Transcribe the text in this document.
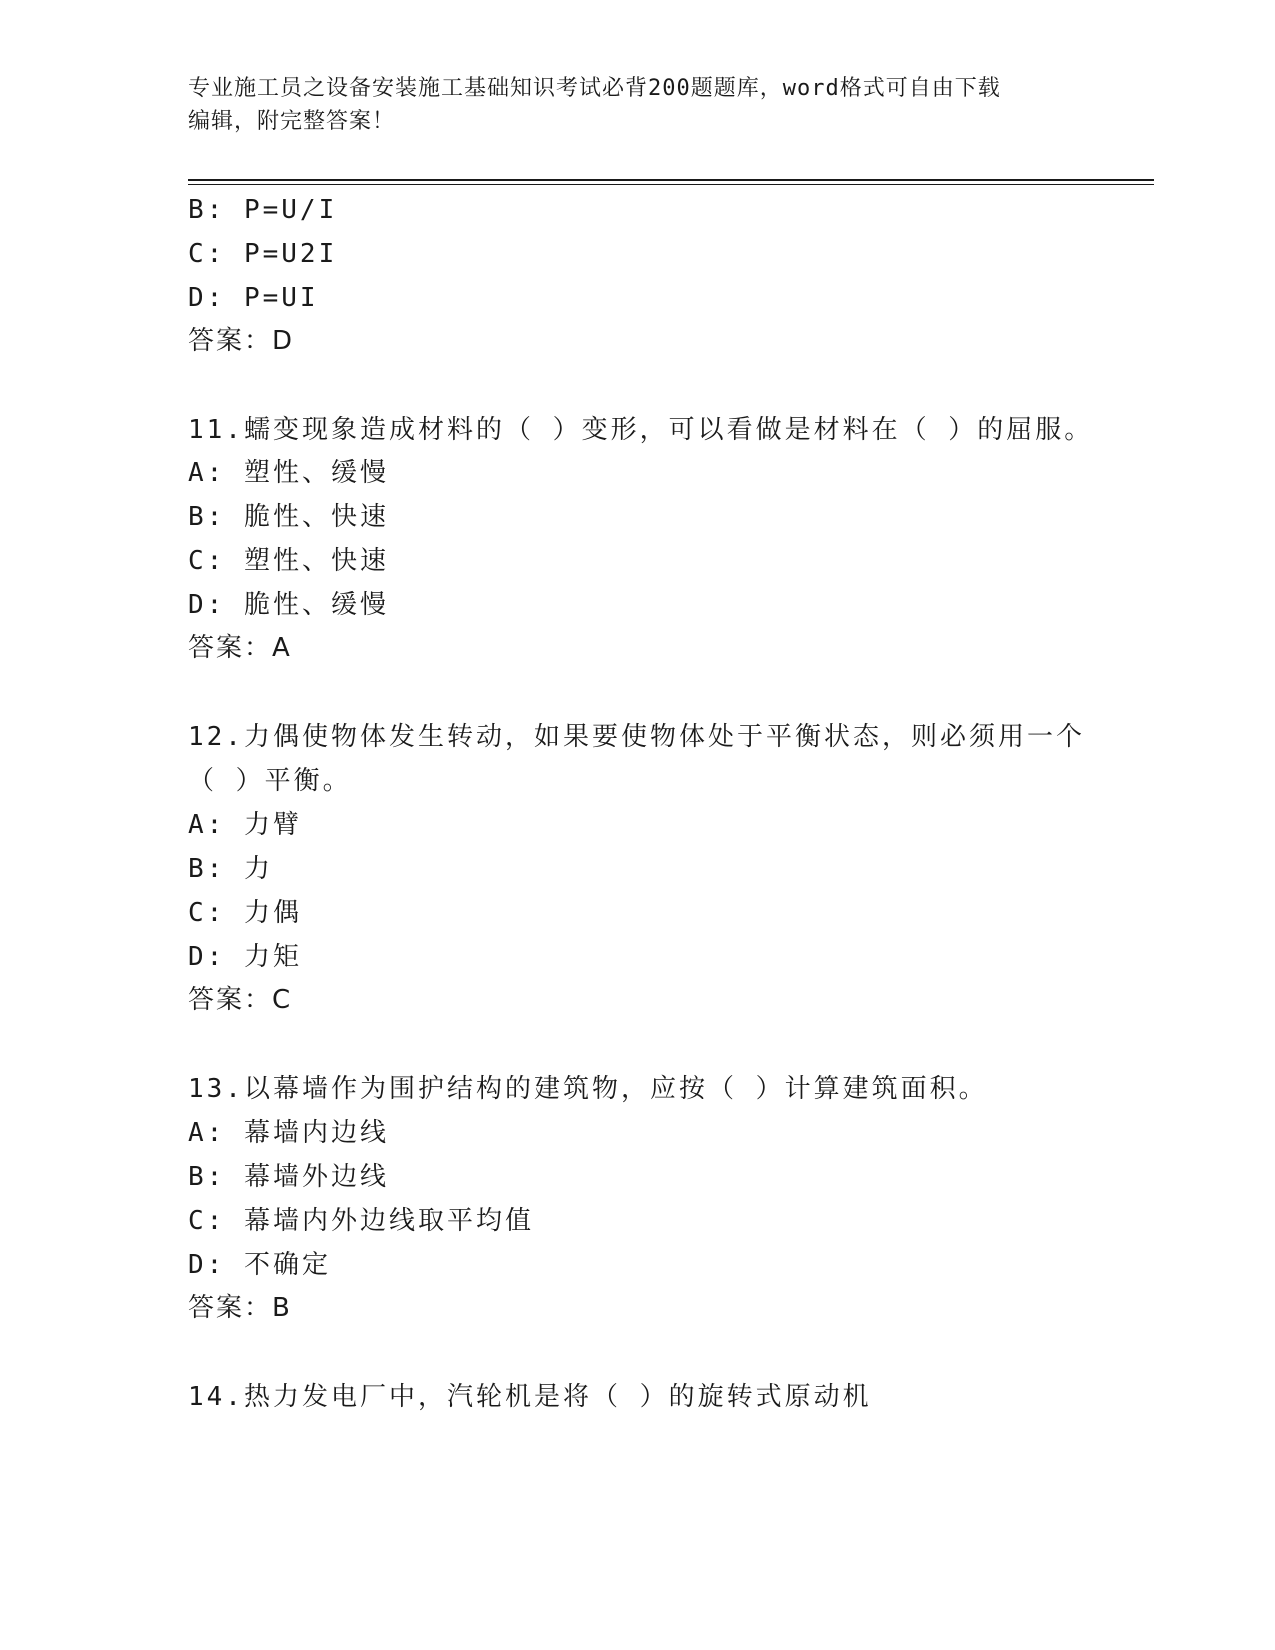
专业施工员之设备安装施工基础知识考试必背200题题库，word格式可自由下载
编辑，附完整答案！
B: P=U/I
C: P=U2I
D: P=UI
答案：D
11.蠕变现象造成材料的（ ）变形，可以看做是材料在（ ）的屈服。
A: 塑性、缓慢
B: 脆性、快速
C: 塑性、快速
D: 脆性、缓慢
答案：A
12.力偶使物体发生转动，如果要使物体处于平衡状态，则必须用一个
（ ）平衡。
A: 力臂
B: 力
C: 力偶
D: 力矩
答案：C
13.以幕墙作为围护结构的建筑物，应按（ ）计算建筑面积。
A: 幕墙内边线
B: 幕墙外边线
C: 幕墙内外边线取平均值
D: 不确定
答案：B
14.热力发电厂中，汽轮机是将（ ）的旋转式原动机
